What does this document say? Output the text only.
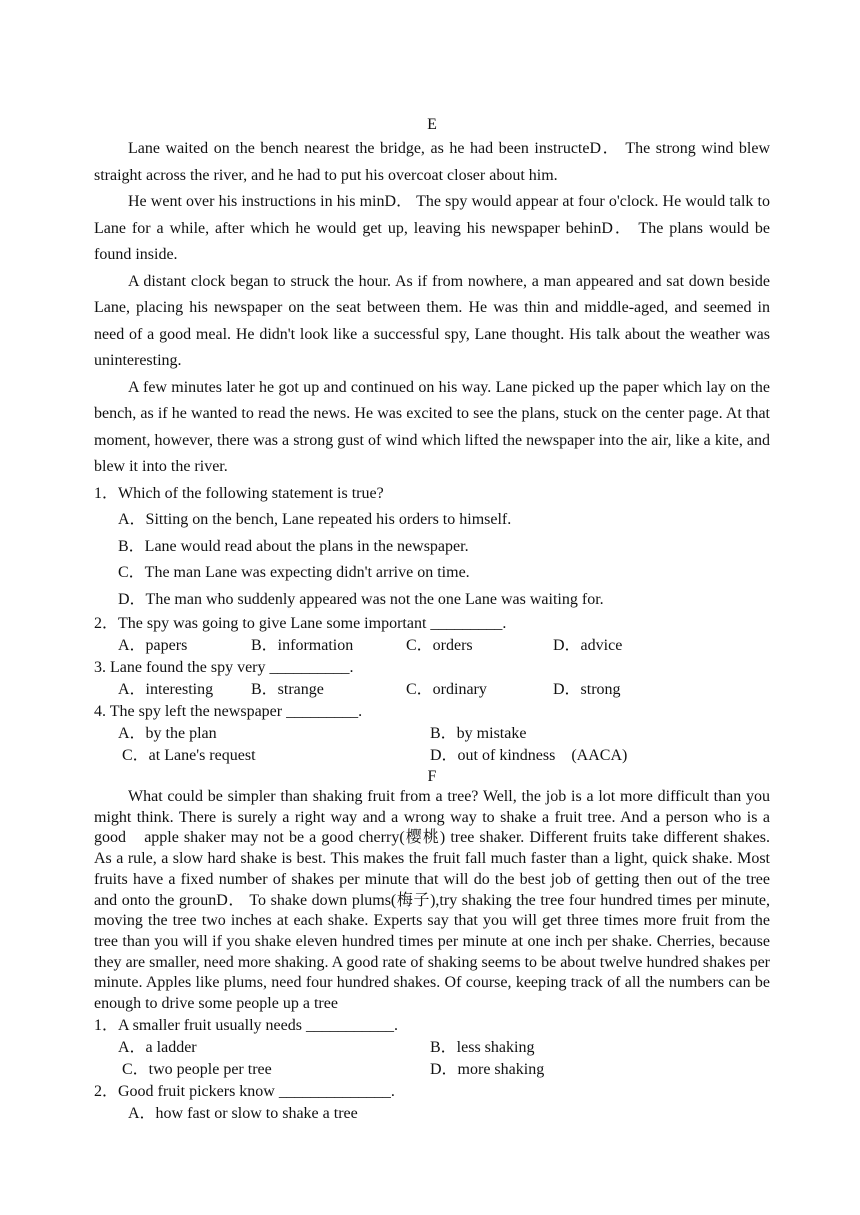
E

Lane waited on the bench nearest the bridge, as he had been instructeD． The strong wind blew straight across the river, and he had to put his overcoat closer about him.

He went over his instructions in his minD． The spy would appear at four o'clock. He would talk to Lane for a while, after which he would get up, leaving his newspaper behinD． The plans would be found inside.

A distant clock began to struck the hour. As if from nowhere, a man appeared and sat down beside Lane, placing his newspaper on the seat between them. He was thin and middle-aged, and seemed in need of a good meal. He didn't look like a successful spy, Lane thought. His talk about the weather was uninteresting.

A few minutes later he got up and continued on his way. Lane picked up the paper which lay on the bench, as if he wanted to read the news. He was excited to see the plans, stuck on the center page. At that moment, however, there was a strong gust of wind which lifted the newspaper into the air, like a kite, and blew it into the river.

1．Which of the following statement is true?

A．Sitting on the bench, Lane repeated his orders to himself.

B．Lane would read about the plans in the newspaper.

C．The man Lane was expecting didn't arrive on time.

D．The man who suddenly appeared was not the one Lane was waiting for.

2．The spy was going to give Lane some important _________.

A．papers	B．information	C．orders	D．advice

3. Lane found the spy very __________.

A．interesting	B．strange	C．ordinary	D．strong

4. The spy left the newspaper _________.

A．by the plan	B．by mistake
C．at Lane's request	D．out of kindness　(AACA)
F

What could be simpler than shaking fruit from a tree? Well, the job is a lot more difficult than you might think. There is surely a right way and a wrong way to shake a fruit tree. And a person who is a　good　apple shaker may not be a good cherry(樱桃) tree shaker. Different fruits take different shakes. As a rule, a slow hard shake is best. This makes the fruit fall much faster than a light, quick shake. Most fruits have a fixed number of shakes per minute that will do the best job of getting then out of the tree and onto the grounD． To shake down plums(梅子),try shaking the tree four hundred times per minute, moving the tree two inches at each shake. Experts say that you will get three times more fruit from the tree than you will if you shake eleven hundred times per minute at one inch per shake. Cherries, because they are smaller, need more shaking. A good rate of shaking seems to be about twelve hundred shakes per minute. Apples like plums, need four hundred shakes. Of course, keeping track of all the numbers can be enough to drive some people up a tree

1．A smaller fruit usually needs ___________.

A．a ladder	B．less shaking
C．two people per tree	D．more shaking

2．Good fruit pickers know ______________.

A．how fast or slow to shake a tree
